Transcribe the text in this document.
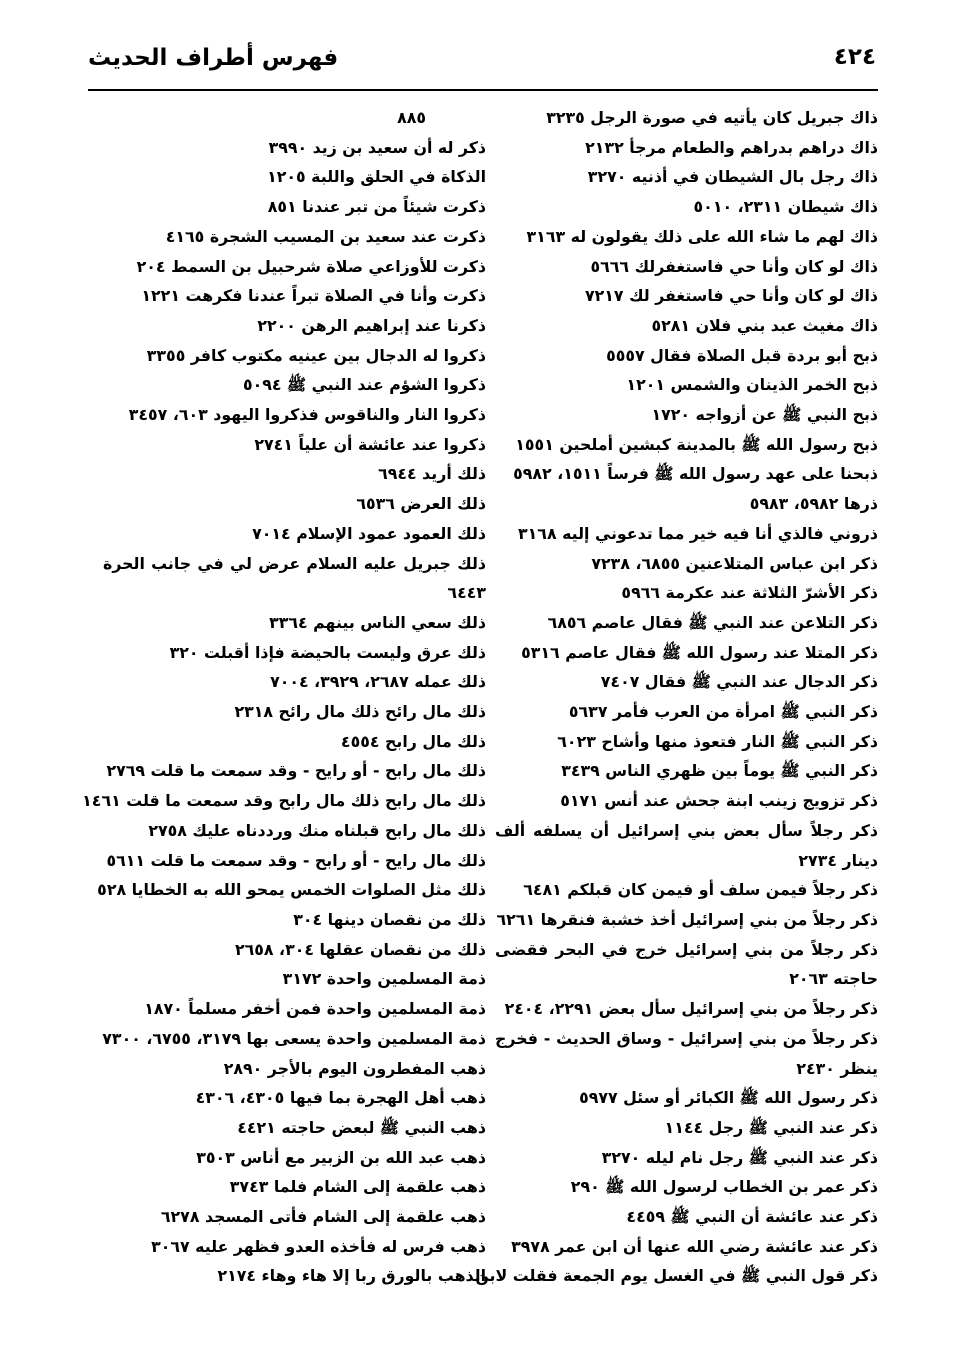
٤٢٤
فهرس أطراف الحديث
ذاك جبريل كان يأتيه في صورة الرجل ٣٢٣٥
ذاك دراهم بدراهم والطعام مرجأ ٢١٣٢
ذاك رجل بال الشيطان في أذنيه ٣٢٧٠
ذاك شيطان ٢٣١١، ٥٠١٠
ذاك لهم ما شاء الله على ذلك يقولون له ٣١٦٣
ذاك لو كان وأنا حي فاستغفرلك ٥٦٦٦
ذاك لو كان وأنا حي فاستغفر لك ٧٢١٧
ذاك مغيث عبد بني فلان ٥٢٨١
ذبح أبو بردة قبل الصلاة فقال ٥٥٥٧
ذبح الخمر الذينان والشمس ١٢٠١
ذبح النبي ﷺ عن أزواجه ١٧٢٠
ذبح رسول الله ﷺ بالمدينة كبشين أملحين ١٥٥١
ذبحنا على عهد رسول الله ﷺ فرساً ١٥١١، ٥٩٨٢
ذرها ٥٩٨٢، ٥٩٨٣
ذروني فالذي أنا فيه خير مما تدعوني إليه ٣١٦٨
ذكر ابن عباس المتلاعنين ٦٨٥٥، ٧٢٣٨
ذكر الأشرّ الثلاثة عند عكرمة ٥٩٦٦
ذكر التلاعن عند النبي ﷺ فقال عاصم ٦٨٥٦
ذكر المتلا عند رسول الله ﷺ فقال عاصم ٥٣١٦
ذكر الدجال عند النبي ﷺ فقال ٧٤٠٧
ذكر النبي ﷺ امرأة من العرب فأمر ٥٦٣٧
ذكر النبي ﷺ النار فتعوذ منها وأشاح ٦٠٢٣
ذكر النبي ﷺ يوماً بين ظهري الناس ٣٤٣٩
ذكر تزويج زينب ابنة جحش عند أنس ٥١٧١
ذكر رجلاً سأل بعض بني إسرائيل أن يسلفه ألف دينار ٢٧٣٤
ذكر رجلاً فيمن سلف أو فيمن كان قبلكم ٦٤٨١
ذكر رجلاً من بني إسرائيل أخذ خشبة فنقرها ٦٢٦١
ذكر رجلاً من بني إسرائيل خرج في البحر فقضى حاجته ٢٠٦٣
ذكر رجلاً من بني إسرائيل سأل بعض ٢٢٩١، ٢٤٠٤
ذكر رجلاً من بني إسرائيل - وساق الحديث - فخرج ينظر ٢٤٣٠
ذكر رسول الله ﷺ الكبائر أو سئل ٥٩٧٧
ذكر عند النبي ﷺ رجل ١١٤٤
ذكر عند النبي ﷺ رجل نام ليله ٣٢٧٠
ذكر عمر بن الخطاب لرسول الله ﷺ ٢٩٠
ذكر عند عائشة أن النبي ﷺ ٤٤٥٩
ذكر عند عائشة رضي الله عنها أن ابن عمر ٣٩٧٨
ذكر قول النبي ﷺ في الغسل يوم الجمعة فقلت لابن
٨٨٥
ذكر له أن سعيد بن زيد ٣٩٩٠
الذكاة في الحلق واللبة ١٢٠٥
ذكرت شيئاً من تبر عندنا ٨٥١
ذكرت عند سعيد بن المسيب الشجرة ٤١٦٥
ذكرت للأوزاعي صلاة شرحبيل بن السمط ٢٠٤
ذكرت وأنا في الصلاة تبراً عندنا فكرهت ١٢٢١
ذكرنا عند إبراهيم الرهن ٢٢٠٠
ذكروا له الدجال بين عينيه مكتوب كافر ٣٣٥٥
ذكروا الشؤم عند النبي ﷺ ٥٠٩٤
ذكروا النار والناقوس فذكروا اليهود ٦٠٣، ٣٤٥٧
ذكروا عند عائشة أن علياً ٢٧٤١
ذلك أريد ٦٩٤٤
ذلك العرض ٦٥٣٦
ذلك العمود عمود الإسلام ٧٠١٤
ذلك جبريل عليه السلام عرض لي في جانب الحرة ٦٤٤٣
ذلك سعي الناس بينهم ٣٣٦٤
ذلك عرق وليست بالحيضة فإذا أقبلت ٣٢٠
ذلك عمله ٢٦٨٧، ٣٩٢٩، ٧٠٠٤
ذلك مال رائح ذلك مال رائح ٢٣١٨
ذلك مال رابح ٤٥٥٤
ذلك مال رابح - أو رايح - وقد سمعت ما قلت ٢٧٦٩
ذلك مال رابح ذلك مال رابح وقد سمعت ما قلت ١٤٦١
ذلك مال رابح قبلناه منك ورددناه عليك ٢٧٥٨
ذلك مال رايح - أو رابح - وقد سمعت ما قلت ٥٦١١
ذلك مثل الصلوات الخمس يمحو الله به الخطايا ٥٢٨
ذلك من نقصان دينها ٣٠٤
ذلك من نقصان عقلها ٣٠٤، ٢٦٥٨
ذمة المسلمين واحدة ٣١٧٢
ذمة المسلمين واحدة فمن أخفر مسلماً ١٨٧٠
ذمة المسلمين واحدة يسعى بها ٣١٧٩، ٦٧٥٥، ٧٣٠٠
ذهب المفطرون اليوم بالأجر ٢٨٩٠
ذهب أهل الهجرة بما فيها ٤٣٠٥، ٤٣٠٦
ذهب النبي ﷺ لبعض حاجته ٤٤٢١
ذهب عبد الله بن الزبير مع أناس ٣٥٠٣
ذهب علقمة إلى الشام فلما ٣٧٤٣
ذهب علقمة إلى الشام فأتى المسجد ٦٢٧٨
ذهب فرس له فأخذه العدو فظهر عليه ٣٠٦٧
الذهب بالورق ربا إلا هاء وهاء ٢١٧٤
